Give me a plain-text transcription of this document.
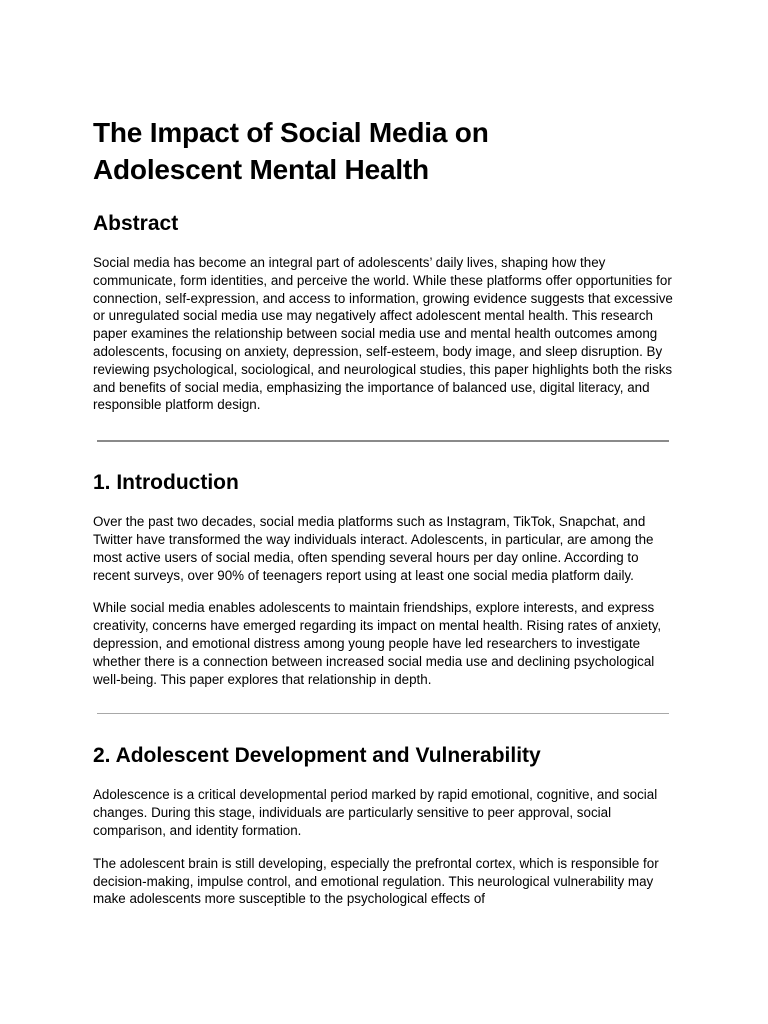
The Impact of Social Media on
Adolescent Mental Health
Abstract

Social media has become an integral part of adolescents’ daily lives, shaping how they communicate, form identities, and perceive the world. While these platforms offer opportunities for connection, self-expression, and access to information, growing evidence suggests that excessive or unregulated social media use may negatively affect adolescent mental health. This research paper examines the relationship between social media use and mental health outcomes among adolescents, focusing on anxiety, depression, self-esteem, body image, and sleep disruption. By reviewing psychological, sociological, and neurological studies, this paper highlights both the risks and benefits of social media, emphasizing the importance of balanced use, digital literacy, and responsible platform design.

1. Introduction

Over the past two decades, social media platforms such as Instagram, TikTok, Snapchat, and Twitter have transformed the way individuals interact. Adolescents, in particular, are among the most active users of social media, often spending several hours per day online. According to recent surveys, over 90% of teenagers report using at least one social media platform daily.

While social media enables adolescents to maintain friendships, explore interests, and express creativity, concerns have emerged regarding its impact on mental health. Rising rates of anxiety, depression, and emotional distress among young people have led researchers to investigate whether there is a connection between increased social media use and declining psychological well-being. This paper explores that relationship in depth.

2. Adolescent Development and Vulnerability

Adolescence is a critical developmental period marked by rapid emotional, cognitive, and social changes. During this stage, individuals are particularly sensitive to peer approval, social comparison, and identity formation.

The adolescent brain is still developing, especially the prefrontal cortex, which is responsible for decision-making, impulse control, and emotional regulation. This neurological vulnerability may make adolescents more susceptible to the psychological effects of
